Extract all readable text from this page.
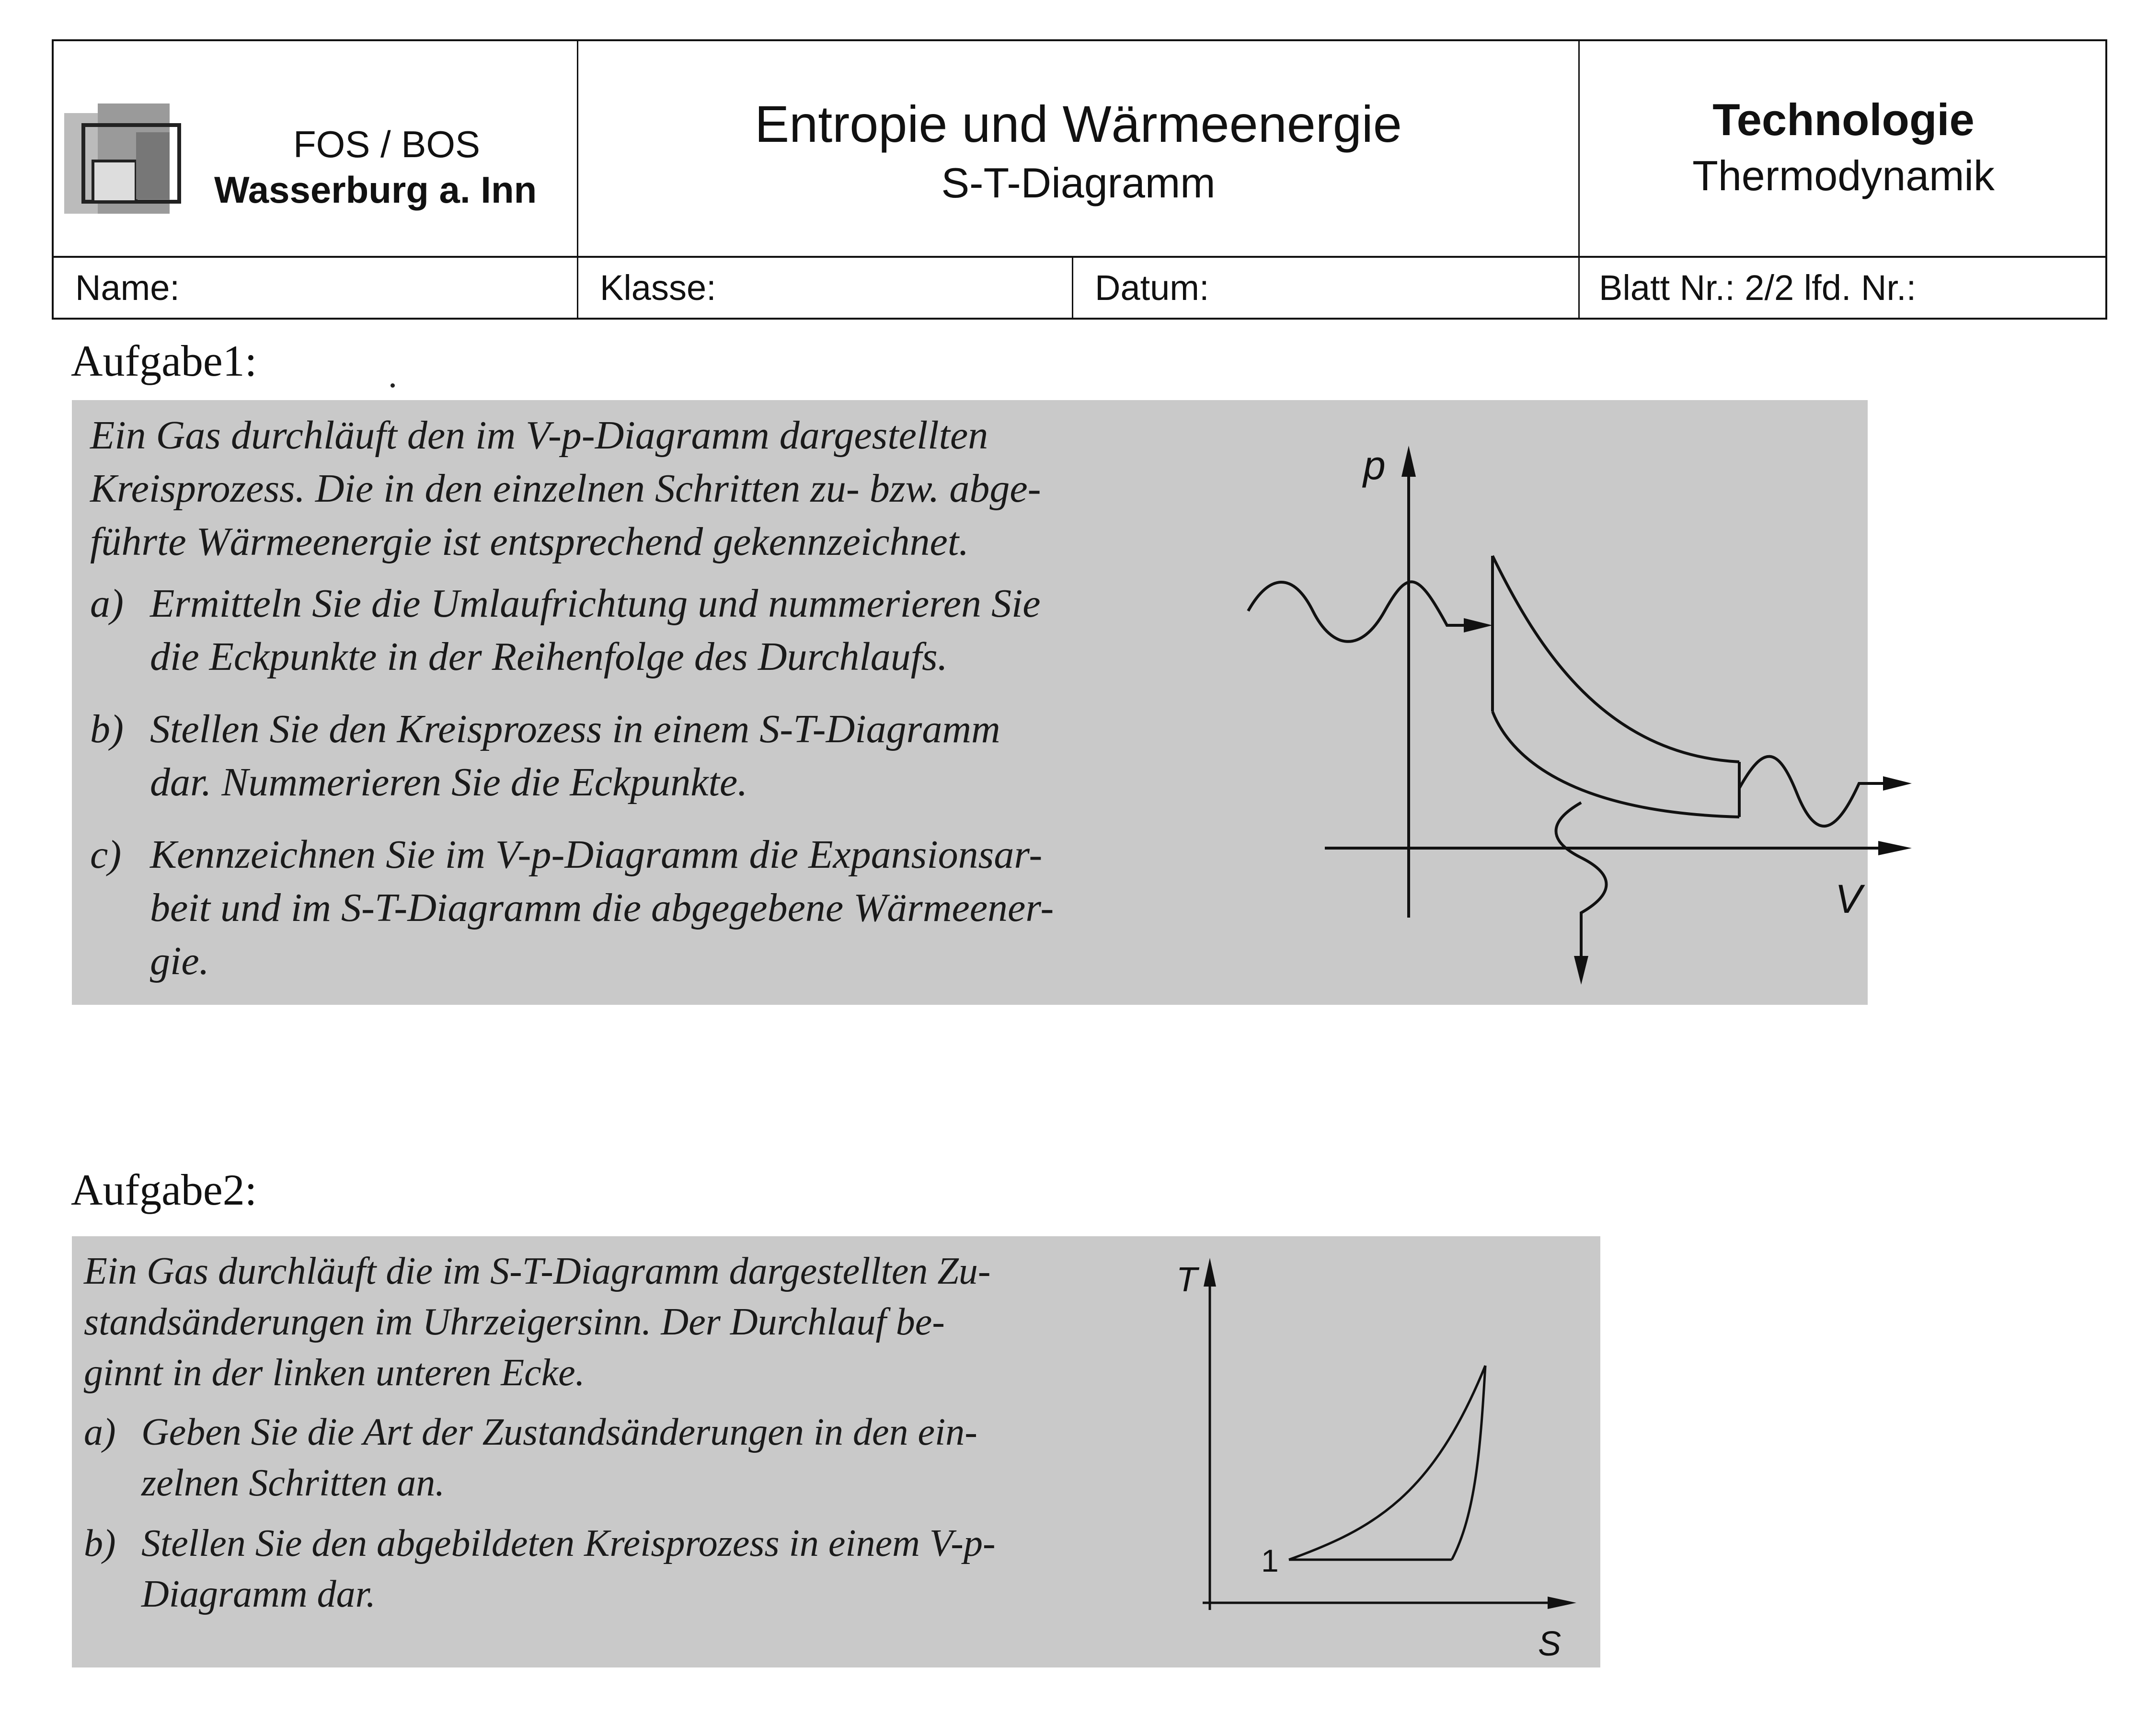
FOS / BOS
Wasserburg a. Inn
Entropie und Wärmeenergie
S-T-Diagramm
Technologie
Thermodynamik
Name:	Klasse:	Datum:	Blatt Nr.: 2/2 lfd. Nr.:
Aufgabe1:
Ein Gas durchläuft den im V-p-Diagramm dargestellten
Kreisprozess. Die in den einzelnen Schritten zu- bzw. abge-
führte Wärmeenergie ist entsprechend gekennzeichnet.
a) Ermitteln Sie die Umlaufrichtung und nummerieren Sie
die Eckpunkte in der Reihenfolge des Durchlaufs.
b) Stellen Sie den Kreisprozess in einem S-T-Diagramm
dar. Nummerieren Sie die Eckpunkte.
c) Kennzeichnen Sie im V-p-Diagramm die Expansionsar-
beit und im S-T-Diagramm die abgegebene Wärmeener-
gie.
p
V
Aufgabe2:
Ein Gas durchläuft die im S-T-Diagramm dargestellten Zu-
standsänderungen im Uhrzeigersinn. Der Durchlauf be-
ginnt in der linken unteren Ecke.
a) Geben Sie die Art der Zustandsänderungen in den ein-
zelnen Schritten an.
b) Stellen Sie den abgebildeten Kreisprozess in einem V-p-
Diagramm dar.
T
S
1
